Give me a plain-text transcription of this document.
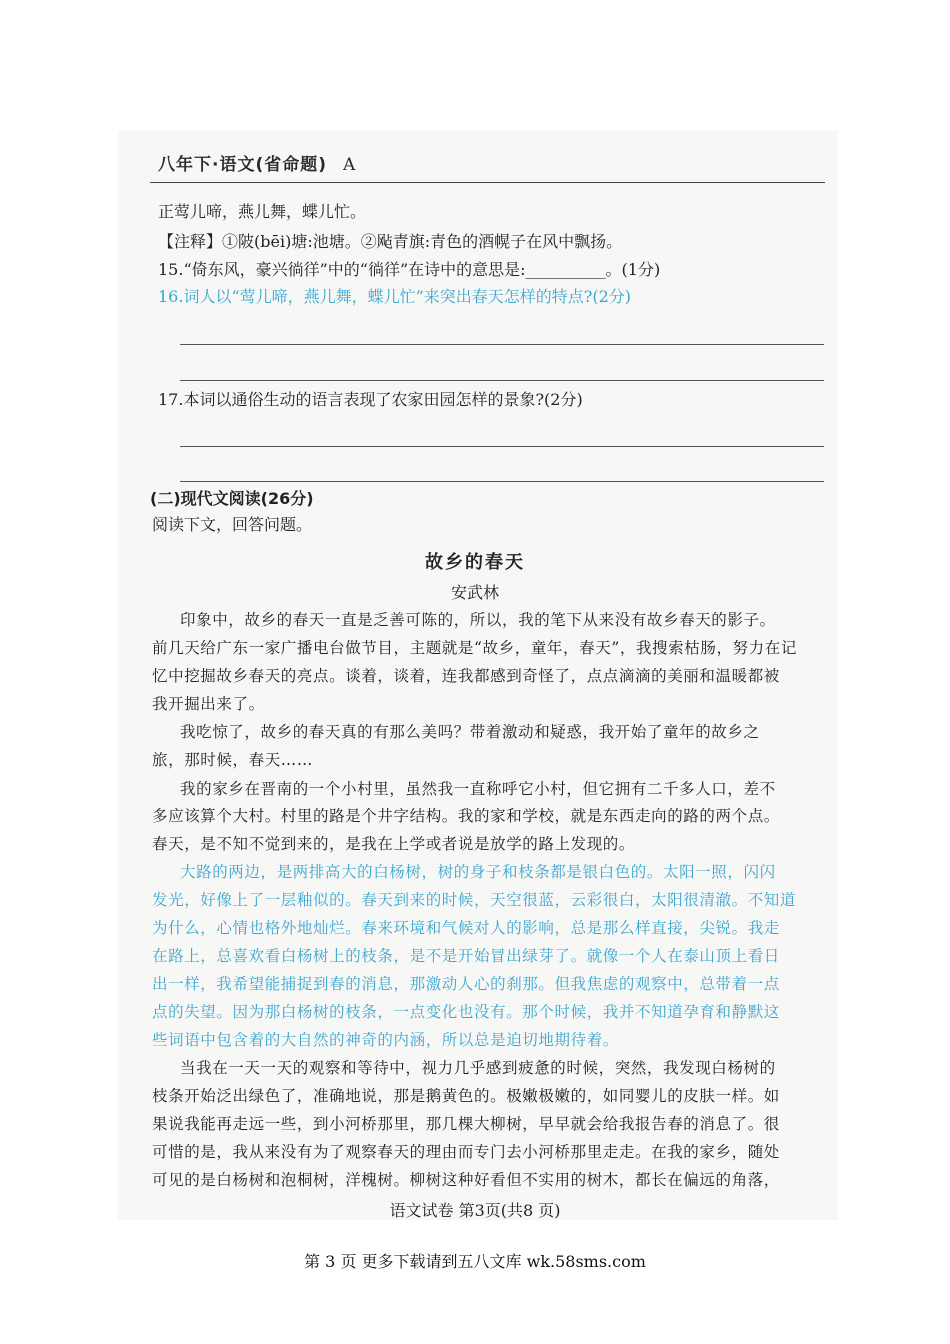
八年下·语文(省命题) A
正莺儿啼，燕儿舞，蝶儿忙。
【注释】①陂(bēi)塘:池塘。②飐青旗:青色的酒幌子在风中飘扬。
15.“倚东风，豪兴徜徉”中的“徜徉”在诗中的意思是:__________。(1分)
16.词人以“莺儿啼，燕儿舞，蝶儿忙”来突出春天怎样的特点?(2分)
17.本词以通俗生动的语言表现了农家田园怎样的景象?(2分)
(二)现代文阅读(26分)
阅读下文，回答问题。
故乡的春天
安武林
印象中，故乡的春天一直是乏善可陈的，所以，我的笔下从来没有故乡春天的影子。
前几天给广东一家广播电台做节目，主题就是“故乡，童年，春天”，我搜索枯肠，努力在记
忆中挖掘故乡春天的亮点。谈着，谈着，连我都感到奇怪了，点点滴滴的美丽和温暖都被
我开掘出来了。
我吃惊了，故乡的春天真的有那么美吗？带着激动和疑惑，我开始了童年的故乡之
旅，那时候，春天……
我的家乡在晋南的一个小村里，虽然我一直称呼它小村，但它拥有二千多人口，差不
多应该算个大村。村里的路是个井字结构。我的家和学校，就是东西走向的路的两个点。
春天，是不知不觉到来的，是我在上学或者说是放学的路上发现的。
大路的两边，是两排高大的白杨树，树的身子和枝条都是银白色的。太阳一照，闪闪
发光，好像上了一层釉似的。春天到来的时候，天空很蓝，云彩很白，太阳很清澈。不知道
为什么，心情也格外地灿烂。春来环境和气候对人的影响，总是那么样直接，尖锐。我走
在路上，总喜欢看白杨树上的枝条，是不是开始冒出绿芽了。就像一个人在泰山顶上看日
出一样，我希望能捕捉到春的消息，那激动人心的刹那。但我焦虑的观察中，总带着一点
点的失望。因为那白杨树的枝条，一点变化也没有。那个时候，我并不知道孕育和静默这
些词语中包含着的大自然的神奇的内涵，所以总是迫切地期待着。
当我在一天一天的观察和等待中，视力几乎感到疲惫的时候，突然，我发现白杨树的
枝条开始泛出绿色了，准确地说，那是鹅黄色的。极嫩极嫩的，如同婴儿的皮肤一样。如
果说我能再走远一些，到小河桥那里，那几棵大柳树，早早就会给我报告春的消息了。很
可惜的是，我从来没有为了观察春天的理由而专门去小河桥那里走走。在我的家乡，随处
可见的是白杨树和泡桐树，洋槐树。柳树这种好看但不实用的树木，都长在偏远的角落，
语文试卷 第3页(共8 页)
第 3 页 更多下载请到五八文库 wk.58sms.com
